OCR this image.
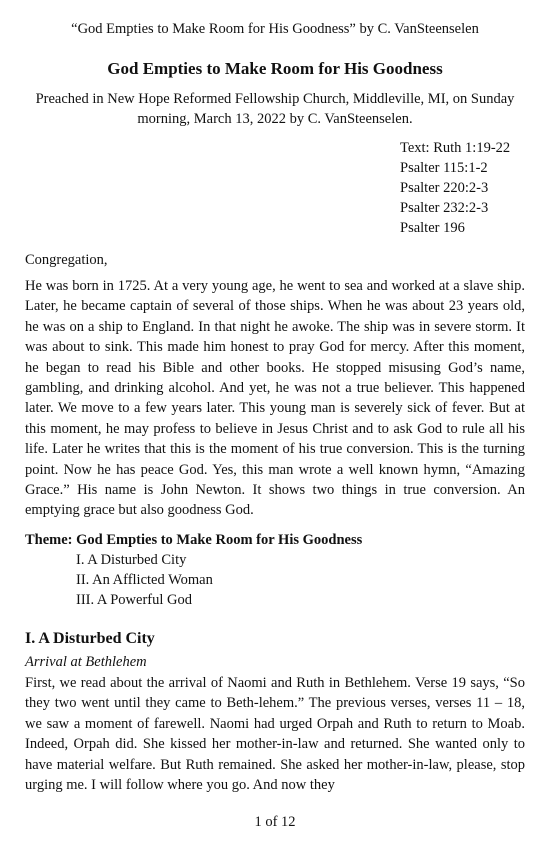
“God Empties to Make Room for His Goodness” by C. VanSteenselen
God Empties to Make Room for His Goodness
Preached in New Hope Reformed Fellowship Church, Middleville, MI, on Sunday morning, March 13, 2022 by C. VanSteenselen.
Text: Ruth 1:19-22
Psalter 115:1-2
Psalter 220:2-3
Psalter 232:2-3
Psalter 196
Congregation,

He was born in 1725. At a very young age, he went to sea and worked at a slave ship. Later, he became captain of several of those ships. When he was about 23 years old, he was on a ship to England. In that night he awoke. The ship was in severe storm. It was about to sink. This made him honest to pray God for mercy. After this moment, he began to read his Bible and other books. He stopped misusing God’s name, gambling, and drinking alcohol. And yet, he was not a true believer. This happened later. We move to a few years later. This young man is severely sick of fever. But at this moment, he may profess to believe in Jesus Christ and to ask God to rule all his life. Later he writes that this is the moment of his true conversion. This is the turning point. Now he has peace God. Yes, this man wrote a well known hymn, “Amazing Grace.” His name is John Newton. It shows two things in true conversion. An emptying grace but also goodness God.

Theme: God Empties to Make Room for His Goodness
I. A Disturbed City
II. An Afflicted Woman
III. A Powerful God
I. A Disturbed City
Arrival at Bethlehem

First, we read about the arrival of Naomi and Ruth in Bethlehem. Verse 19 says, “So they two went until they came to Beth-lehem.” The previous verses, verses 11 – 18, we saw a moment of farewell. Naomi had urged Orpah and Ruth to return to Moab. Indeed, Orpah did. She kissed her mother-in-law and returned. She wanted only to have material welfare. But Ruth remained. She asked her mother-in-law, please, stop urging me. I will follow where you go. And now they

1 of 12
